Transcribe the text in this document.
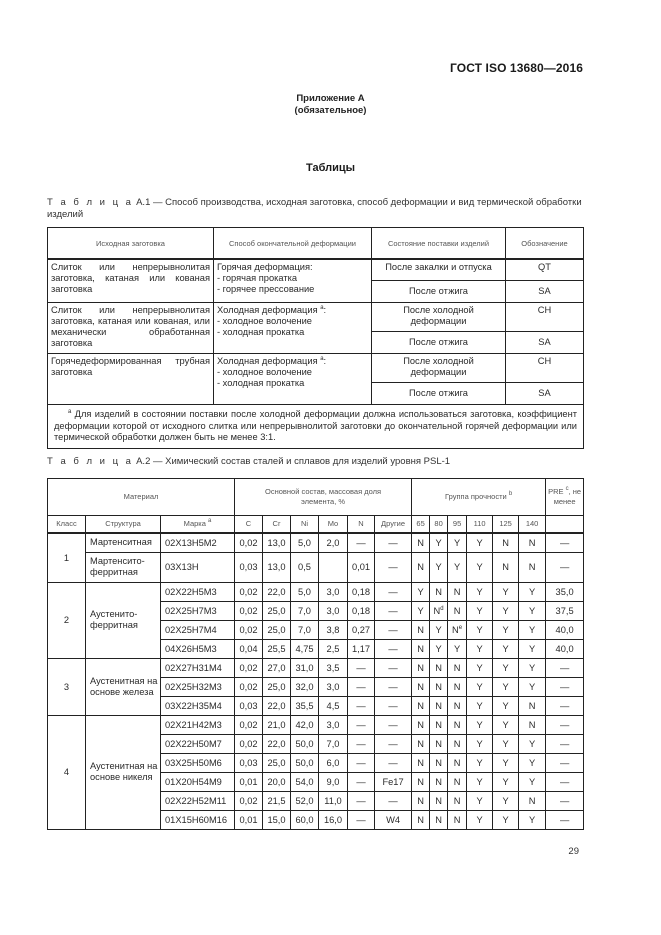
ГОСТ ISO 13680—2016
Приложение А
(обязательное)
Таблицы
Т а б л и ц а А.1 — Способ производства, исходная заготовка, способ деформации и вид термической обработки изделий
Исходная заготовка	Способ окончательной деформации	Состояние поставки изделий	Обозначение
Слиток или непрерывнолитая заготовка, катаная или кованая заготовка	Горячая деформация:
- горячая прокатка
- горячее прессование	После закалки и отпуска	QT
		После отжига	SA
Слиток или непрерывнолитая заготовка, катаная или кованая, или механически обработанная заготовка	Холодная деформация $^a$:
- холодное волочение
- холодная прокатка	После холодной деформации	CH
		После отжига	SA
Горячедеформированная трубная заготовка	Холодная деформация $^a$:
- холодное волочение
- холодная прокатка	После холодной деформации	CH
		После отжига	SA
$^a$ Для изделий в состоянии поставки после холодной деформации должна использоваться заготовка, коэффициент деформации которой от исходного слитка или непрерывнолитой заготовки до окончательной горячей деформации или термической обработки должен быть не менее 3:1.			
Т а б л и ц а А.2 — Химический состав сталей и сплавов для изделий уровня PSL-1
Материал			Основной состав, массовая доля элемента, %						Группа прочности $^b$						PRE $^c$, не менее
Класс	Структура	Марка $^a$	C	Cr	Ni	Mo	N	Другие	65	80	95	110	125	140	
1	Мартенситная	02Х13Н5М2	0,02	13,0	5,0	2,0	—	—	N	Y	Y	Y	N	N	—
	Мартенсито-ферритная	03Х13Н	0,03	13,0	0,5		0,01	—	N	Y	Y	Y	N	N	—
2	Аустенито-ферритная	02Х22Н5М3	0,02	22,0	5,0	3,0	0,18	—	Y	N	N	Y	Y	Y	35,0
		02Х25Н7М3	0,02	25,0	7,0	3,0	0,18	—	Y	$N^d$	N	Y	Y	Y	37,5
		02Х25Н7М4	0,02	25,0	7,0	3,8	0,27	—	N	Y	$N^e$	Y	Y	Y	40,0
		04Х26Н5М3	0,04	25,5	4,75	2,5	1,17	—	N	Y	Y	Y	Y	Y	40,0
3	Аустенитная на основе железа	02Х27Н31М4	0,02	27,0	31,0	3,5	—	—	N	N	N	Y	Y	Y	—
		02Х25Н32М3	0,02	25,0	32,0	3,0	—	—	N	N	N	Y	Y	Y	—
		03Х22Н35М4	0,03	22,0	35,5	4,5	—	—	N	N	N	Y	Y	N	—
4	Аустенитная на основе никеля	02Х21Н42М3	0,02	21,0	42,0	3,0	—	—	N	N	N	Y	Y	N	—
		02Х22Н50М7	0,02	22,0	50,0	7,0	—	—	N	N	N	Y	Y	Y	—
		03Х25Н50М6	0,03	25,0	50,0	6,0	—	—	N	N	N	Y	Y	Y	—
		01Х20Н54М9	0,01	20,0	54,0	9,0	—	Fe17	N	N	N	Y	Y	Y	—
		02Х22Н52М11	0,02	21,5	52,0	11,0	—	—	N	N	N	Y	Y	N	—
		01Х15Н60М16	0,01	15,0	60,0	16,0	—	W4	N	N	N	Y	Y	Y	—
29
